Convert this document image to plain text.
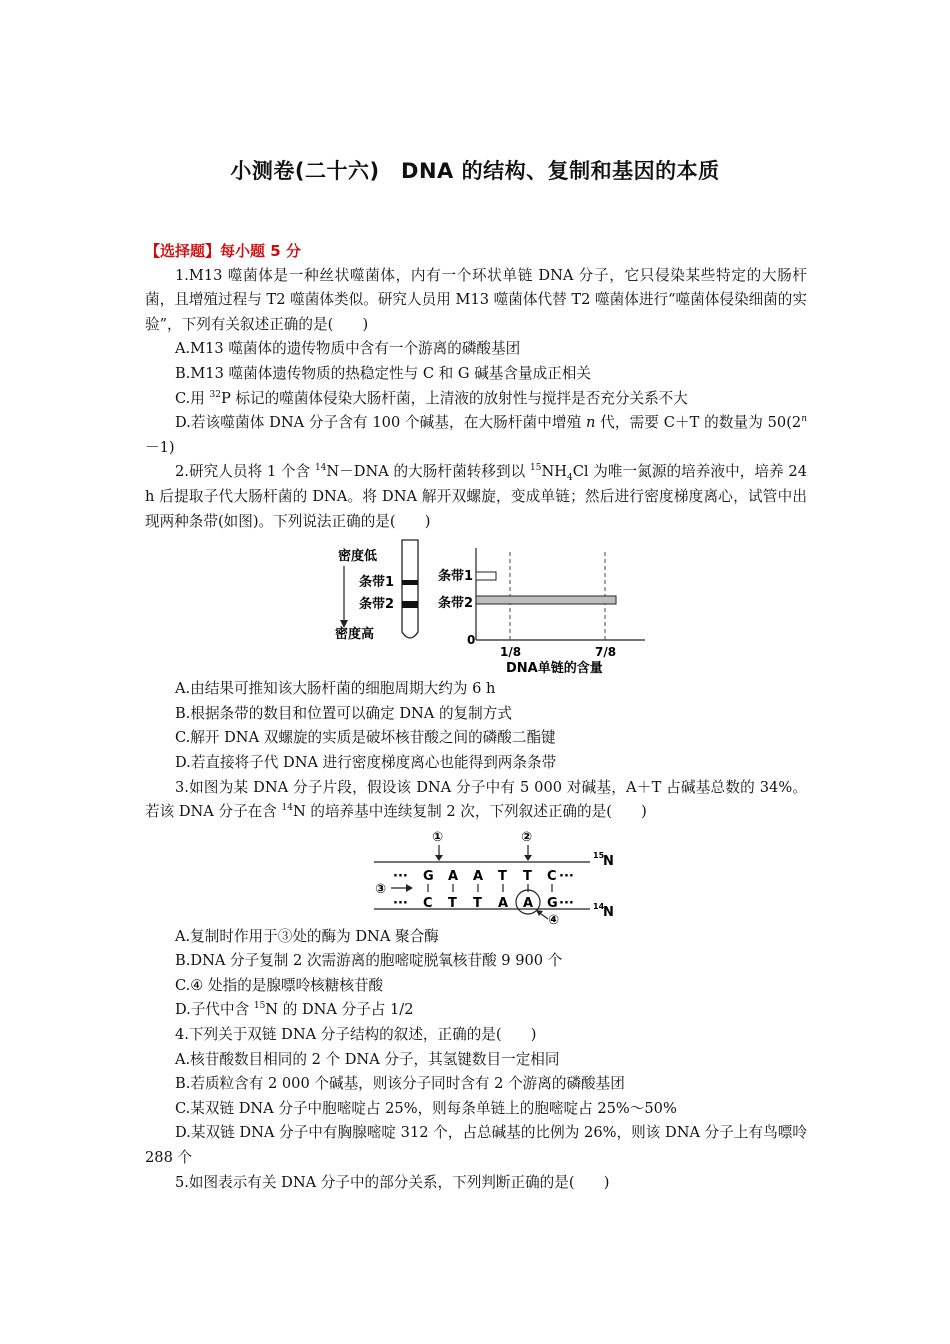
小测卷(二十六)　DNA 的结构、复制和基因的本质
【选择题】每小题 5 分

1.M13 噬菌体是一种丝状噬菌体，内有一个环状单链 DNA 分子，它只侵染某些特定的大肠杆菌，且增殖过程与 T2 噬菌体类似。研究人员用 M13 噬菌体代替 T2 噬菌体进行“噬菌体侵染细菌的实验”，下列有关叙述正确的是(　　)

A.M13 噬菌体的遗传物质中含有一个游离的磷酸基团

B.M13 噬菌体遗传物质的热稳定性与 C 和 G 碱基含量成正相关

C.用 $^{32}$P 标记的噬菌体侵染大肠杆菌，上清液的放射性与搅拌是否充分关系不大

D.若该噬菌体 DNA 分子含有 100 个碱基，在大肠杆菌中增殖 n 代，需要 C＋T 的数量为 $50(2^n-1)$

2.研究人员将 1 个含 $^{14}$N－DNA 的大肠杆菌转移到以 $^{15}NH_4Cl$ 为唯一氮源的培养液中，培养 24 h 后提取子代大肠杆菌的 DNA。将 DNA 解开双螺旋，变成单链；然后进行密度梯度离心，试管中出现两种条带(如图)。下列说法正确的是(　　)

密度低
条带1
条带2
密度高
条带1
条带2
0
1/8	7/8
DNA单链的含量

A.由结果可推知该大肠杆菌的细胞周期大约为 6 h

B.根据条带的数目和位置可以确定 DNA 的复制方式

C.解开 DNA 双螺旋的实质是破坏核苷酸之间的磷酸二酯键

D.若直接将子代 DNA 进行密度梯度离心也能得到两条条带

3.如图为某 DNA 分子片段，假设该 DNA 分子中有 5 000 对碱基，A＋T 占碱基总数的 34%。若该 DNA 分子在含 $^{14}$N 的培养基中连续复制 2 次，下列叙述正确的是(　　)

①	②
15
N
···	···
G A A T T C
③
···	···
C T T A A G	14
N
④

A.复制时作用于③处的酶为 DNA 聚合酶

B.DNA 分子复制 2 次需游离的胞嘧啶脱氧核苷酸 9 900 个

C.④ 处指的是腺嘌呤核糖核苷酸

D.子代中含 $^{15}$N 的 DNA 分子占 1/2

4.下列关于双链 DNA 分子结构的叙述，正确的是(　　)

A.核苷酸数目相同的 2 个 DNA 分子，其氢键数目一定相同

B.若质粒含有 2 000 个碱基，则该分子同时含有 2 个游离的磷酸基团

C.某双链 DNA 分子中胞嘧啶占 25%，则每条单链上的胞嘧啶占 25%～50%

D.某双链 DNA 分子中有胸腺嘧啶 312 个，占总碱基的比例为 26%，则该 DNA 分子上有鸟嘌呤 288 个

5.如图表示有关 DNA 分子中的部分关系，下列判断正确的是(　　)
